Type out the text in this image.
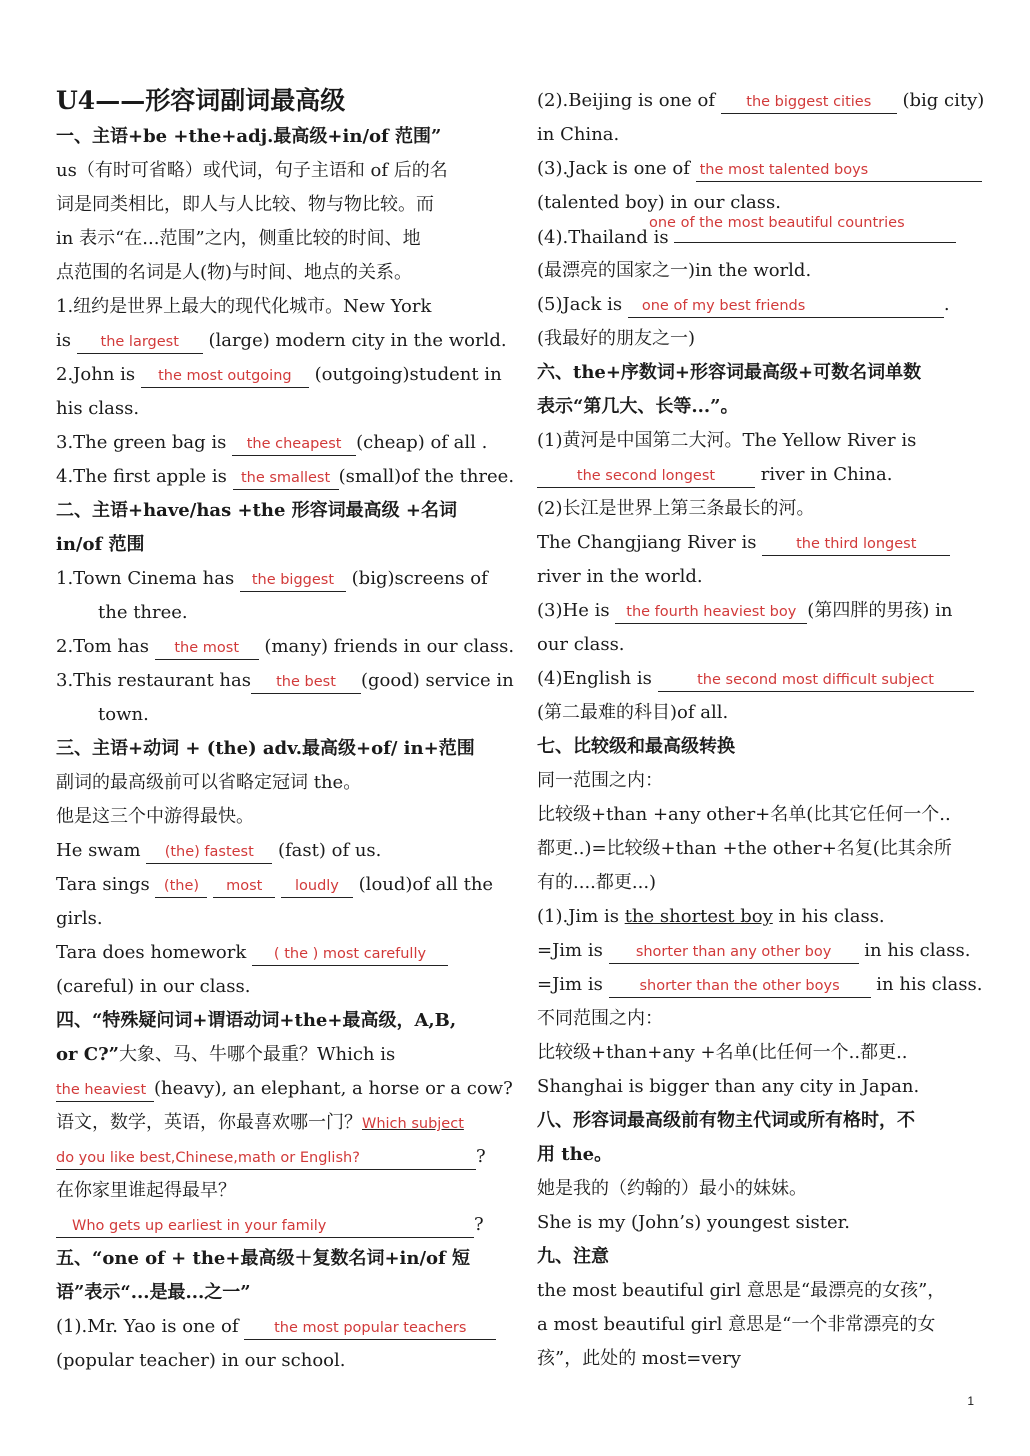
U4——形容词副词最高级
一、主语+be +the+adj.最高级+in/of 范围”
us（有时可省略）或代词，句子主语和 of 后的名
词是同类相比，即人与人比较、物与物比较。而
in 表示“在...范围”之内，侧重比较的时间、地
点范围的名词是人(物)与时间、地点的关系。
1.纽约是世界上最大的现代化城市。New York
is the largest (large) modern city in the world.
2.John is the most outgoing (outgoing)student in
his class.
3.The green bag is the cheapest (cheap) of all .
4.The first apple is the smallest (small)of the three.
二、主语+have/has +the 形容词最高级 +名词
in/of 范围
1.Town Cinema has the biggest (big)screens of
the three.
2.Tom has the most (many) friends in our class.
3.This restaurant has the best (good) service in
town.
三、主语+动词 + (the) adv.最高级+of/ in+范围
副词的最高级前可以省略定冠词 the。
他是这三个中游得最快。
He swam (the) fastest (fast) of us.
Tara sings (the) most loudly (loud)of all the
girls.
Tara does homework ( the ) most carefully
(careful) in our class.
四、“特殊疑问词+谓语动词+the+最高级，A,B,
or C?”大象、马、牛哪个最重？Which is
the heaviest (heavy), an elephant, a horse or a cow?
语文，数学，英语，你最喜欢哪一门？Which subject
do you like best,Chinese,math or English?	?
在你家里谁起得最早？
Who gets up earliest in your family	?
五、“one of + the+最高级＋复数名词+in/of 短
语”表示“...是最...之一”
(1).Mr. Yao is one of the most popular teachers
(popular teacher) in our school.
(2).Beijing is one of the biggest cities (big city)
in China.
(3).Jack is one of the most talented boys
(talented boy) in our class.
one of the most beautiful countries
(4).Thailand is
(最漂亮的国家之一)in the world.
(5)Jack is one of my best friends	.
(我最好的朋友之一)
六、the+序数词+形容词最高级+可数名词单数
表示“第几大、长等...”。
(1)黄河是中国第二大河。The Yellow River is
the second longest river in China.
(2)长江是世界上第三条最长的河。
The Changjiang River is the third longest
river in the world.
(3)He is the fourth heaviest boy (第四胖的男孩) in
our class.
(4)English is	the second most difficult subject
(第二最难的科目)of all.
七、比较级和最高级转换
同一范围之内：
比较级+than +any other+名单(比其它任何一个..
都更..)=比较级+than +the other+名复(比其余所
有的....都更...)
(1).Jim is the shortest boy in his class.
=Jim is shorter than any other boy in his class.
=Jim is shorter than the other boys in his class.
不同范围之内：
比较级+than+any +名单(比任何一个..都更..
Shanghai is bigger than any city in Japan.
八、形容词最高级前有物主代词或所有格时，不
用 the。
她是我的（约翰的）最小的妹妹。
She is my (John’s) youngest sister.
九、注意
the most beautiful girl 意思是“最漂亮的女孩”，
a most beautiful girl 意思是“一个非常漂亮的女
孩”，此处的 most=very
1
